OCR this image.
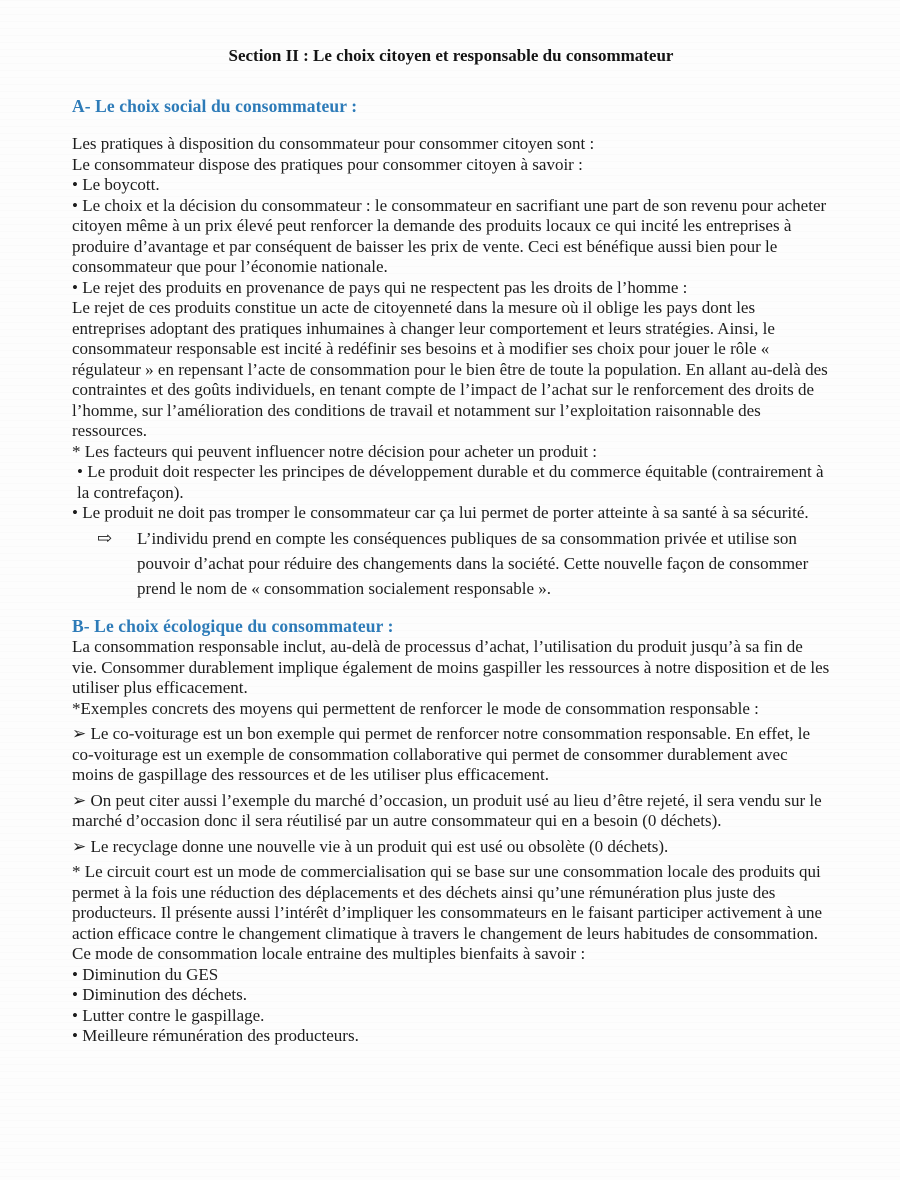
Section II : Le choix citoyen et responsable du consommateur

A- Le choix social du consommateur :

Les pratiques à disposition du consommateur pour consommer citoyen sont :

Le consommateur dispose des pratiques pour consommer citoyen à savoir :

• Le boycott.

• Le choix et la décision du consommateur : le consommateur en sacrifiant une part de son revenu pour acheter citoyen même à un prix élevé peut renforcer la demande des produits locaux ce qui incité les entreprises à produire d’avantage et par conséquent de baisser les prix de vente. Ceci est bénéfique aussi bien pour le consommateur que pour l’économie nationale.

• Le rejet des produits en provenance de pays qui ne respectent pas les droits de l’homme :

Le rejet de ces produits constitue un acte de citoyenneté dans la mesure où il oblige les pays dont les entreprises adoptant des pratiques inhumaines à changer leur comportement et leurs stratégies. Ainsi, le consommateur responsable est incité à redéfinir ses besoins et à modifier ses choix pour jouer le rôle « régulateur » en repensant l’acte de consommation pour le bien être de toute la population. En allant au-delà des contraintes et des goûts individuels, en tenant compte de l’impact de l’achat sur le renforcement des droits de l’homme, sur l’amélioration des conditions de travail et notamment sur l’exploitation raisonnable des ressources.

* Les facteurs qui peuvent influencer notre décision pour acheter un produit :

• Le produit doit respecter les principes de développement durable et du commerce équitable (contrairement à la contrefaçon).

• Le produit ne doit pas tromper le consommateur car ça lui permet de porter atteinte à sa santé à sa sécurité.

⇨	L’individu prend en compte les conséquences publiques de sa consommation privée et utilise son pouvoir d’achat pour réduire des changements dans la société. Cette nouvelle façon de consommer prend le nom de « consommation socialement responsable ».
B- Le choix écologique du consommateur :

La consommation responsable inclut, au-delà de processus d’achat, l’utilisation du produit jusqu’à sa fin de vie. Consommer durablement implique également de moins gaspiller les ressources à notre disposition et de les utiliser plus efficacement.

*Exemples concrets des moyens qui permettent de renforcer le mode de consommation responsable :

➢ Le co-voiturage est un bon exemple qui permet de renforcer notre consommation responsable. En effet, le co-voiturage est un exemple de consommation collaborative qui permet de consommer durablement avec moins de gaspillage des ressources et de les utiliser plus efficacement.

➢ On peut citer aussi l’exemple du marché d’occasion, un produit usé au lieu d’être rejeté, il sera vendu sur le marché d’occasion donc il sera réutilisé par un autre consommateur qui en a besoin (0 déchets).

➢ Le recyclage donne une nouvelle vie à un produit qui est usé ou obsolète (0 déchets).

* Le circuit court est un mode de commercialisation qui se base sur une consommation locale des produits qui permet à la fois une réduction des déplacements et des déchets ainsi qu’une rémunération plus juste des producteurs. Il présente aussi l’intérêt d’impliquer les consommateurs en le faisant participer activement à une action efficace contre le changement climatique à travers le changement de leurs habitudes de consommation.

Ce mode de consommation locale entraine des multiples bienfaits à savoir :

• Diminution du GES

• Diminution des déchets.

• Lutter contre le gaspillage.

• Meilleure rémunération des producteurs.
